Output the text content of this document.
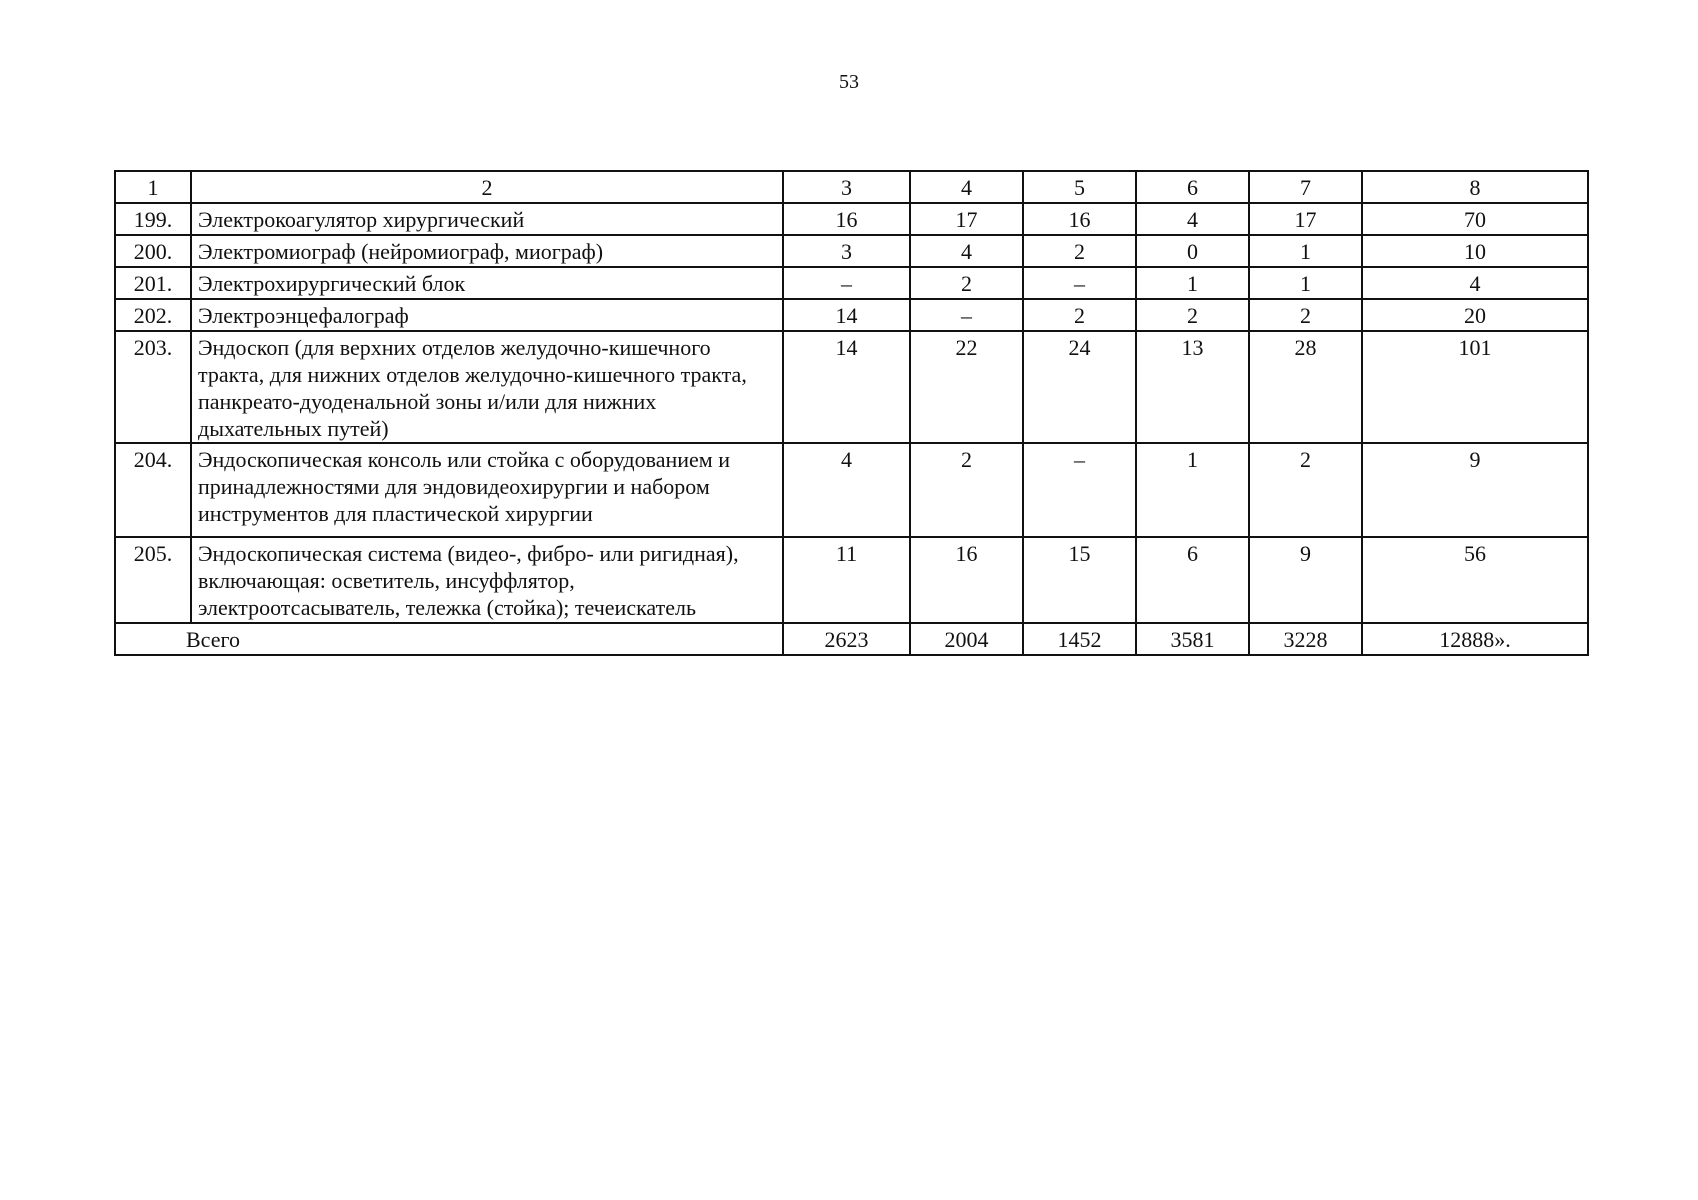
53
1	2	3	4	5	6	7	8
199.	Электрокоагулятор хирургический	16	17	16	4	17	70
200.	Электромиограф (нейромиограф, миограф)	3	4	2	0	1	10
201.	Электрохирургический блок	–	2	–	1	1	4
202.	Электроэнцефалограф	14	–	2	2	2	20
203.	Эндоскоп (для верхних отделов желудочно-кишечного тракта, для нижних отделов желудочно-кишечного тракта, панкреато-дуоденальной зоны и/или для нижних дыхательных путей)	14	22	24	13	28	101
204.	Эндоскопическая консоль или стойка с оборудованием и принадлежностями для эндовидеохирургии и набором инструментов для пластической хирургии	4	2	–	1	2	9
205.	Эндоскопическая система (видео-, фибро- или ригидная), включающая: осветитель, инсуффлятор, электроотсасыватель, тележка (стойка); течеискатель	11	16	15	6	9	56
Всего		2623	2004	1452	3581	3228	12888».
